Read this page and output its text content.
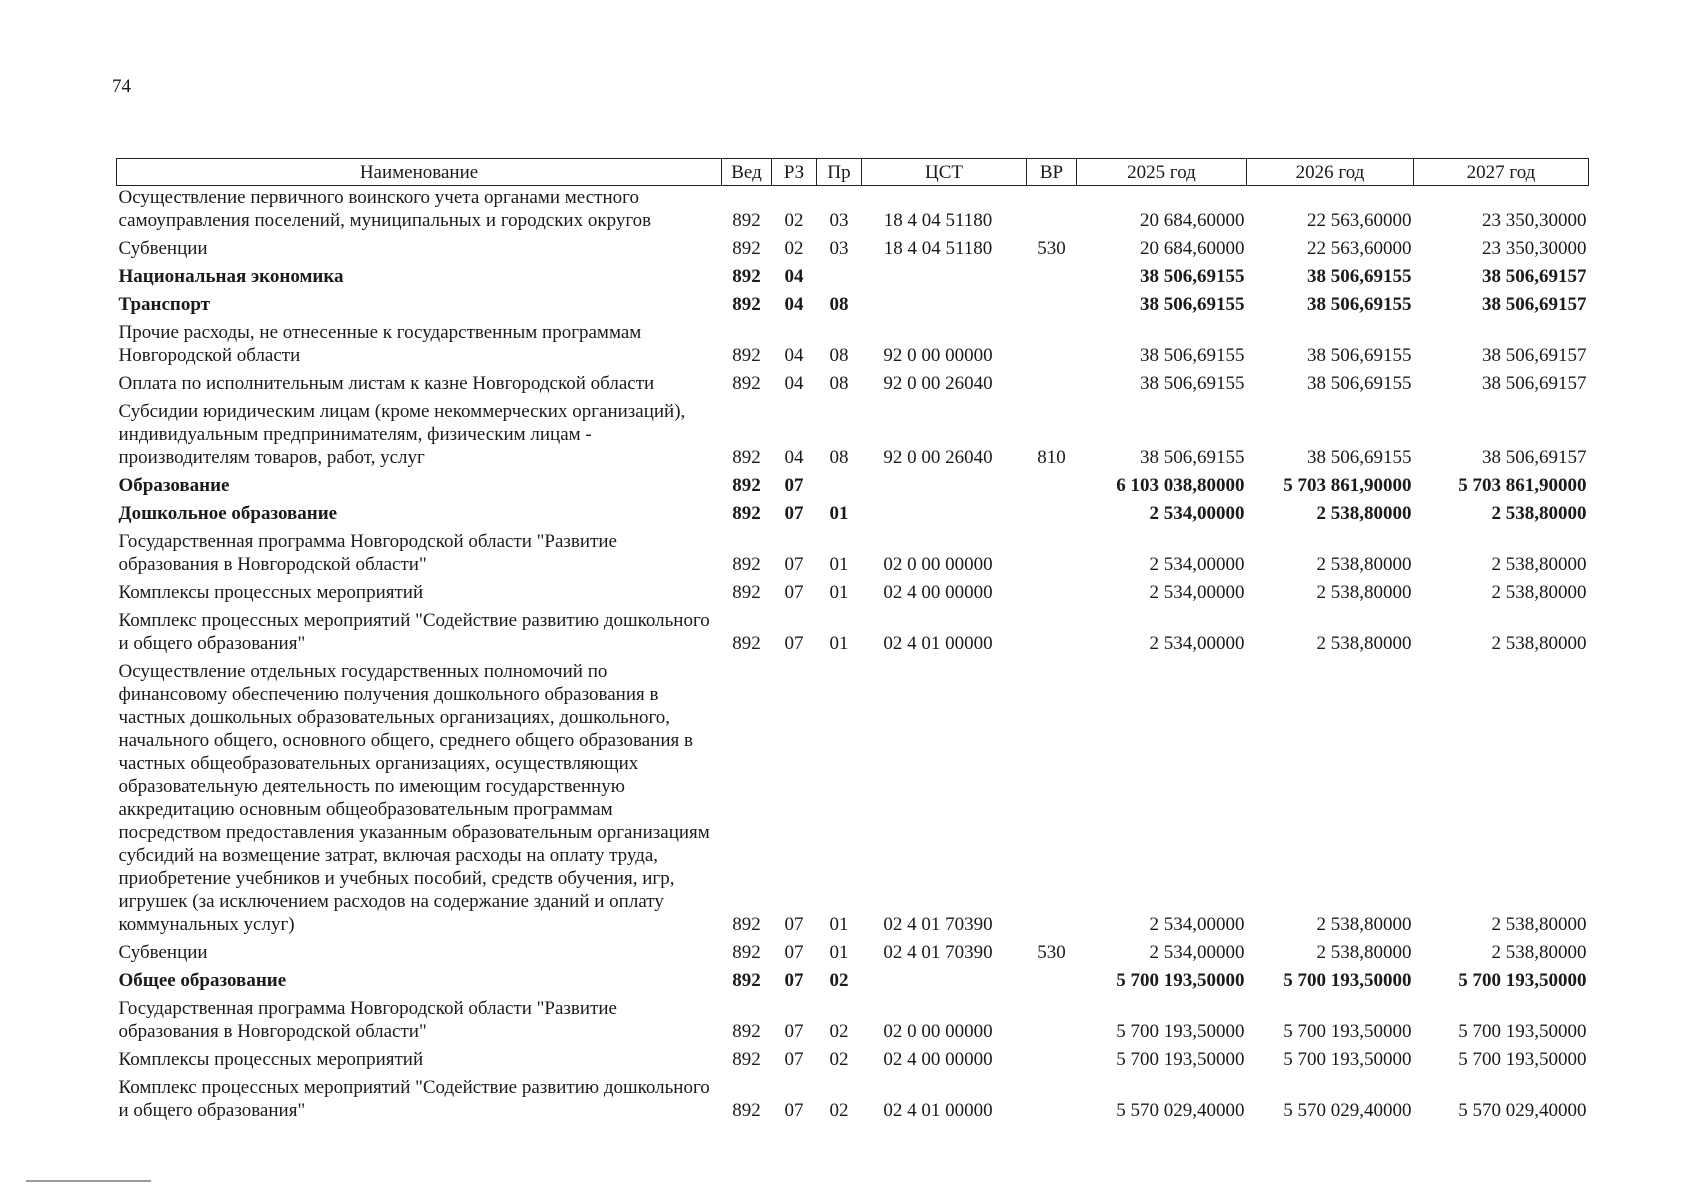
74
Наименование	Вед	РЗ	Пр	ЦСТ	ВР	2025 год	2026 год	2027 год
Осуществление первичного воинского учета органами местного самоуправления поселений, муниципальных и городских округов	892	02	03	18 4 04 51180		20 684,60000	22 563,60000	23 350,30000
Субвенции	892	02	03	18 4 04 51180	530	20 684,60000	22 563,60000	23 350,30000
Национальная экономика	892	04				38 506,69155	38 506,69155	38 506,69157
Транспорт	892	04	08			38 506,69155	38 506,69155	38 506,69157
Прочие расходы, не отнесенные к государственным программам Новгородской области	892	04	08	92 0 00 00000		38 506,69155	38 506,69155	38 506,69157
Оплата по исполнительным листам к казне Новгородской области	892	04	08	92 0 00 26040		38 506,69155	38 506,69155	38 506,69157
Субсидии юридическим лицам (кроме некоммерческих организаций), индивидуальным предпринимателям, физическим лицам - производителям товаров, работ, услуг	892	04	08	92 0 00 26040	810	38 506,69155	38 506,69155	38 506,69157
Образование	892	07				6 103 038,80000	5 703 861,90000	5 703 861,90000
Дошкольное образование	892	07	01			2 534,00000	2 538,80000	2 538,80000
Государственная программа Новгородской области "Развитие образования в Новгородской области"	892	07	01	02 0 00 00000		2 534,00000	2 538,80000	2 538,80000
Комплексы процессных мероприятий	892	07	01	02 4 00 00000		2 534,00000	2 538,80000	2 538,80000
Комплекс процессных мероприятий "Содействие развитию дошкольного и общего образования"	892	07	01	02 4 01 00000		2 534,00000	2 538,80000	2 538,80000
Осуществление отдельных государственных полномочий по финансовому обеспечению получения дошкольного образования в частных дошкольных образовательных организациях, дошкольного, начального общего, основного общего, среднего общего образования в частных общеобразовательных организациях, осуществляющих образовательную деятельность по имеющим государственную аккредитацию основным общеобразовательным программам посредством предоставления указанным образовательным организациям субсидий на возмещение затрат, включая расходы на оплату труда, приобретение учебников и учебных пособий, средств обучения, игр, игрушек (за исключением расходов на содержание зданий и оплату коммунальных услуг)	892	07	01	02 4 01 70390		2 534,00000	2 538,80000	2 538,80000
Субвенции	892	07	01	02 4 01 70390	530	2 534,00000	2 538,80000	2 538,80000
Общее образование	892	07	02			5 700 193,50000	5 700 193,50000	5 700 193,50000
Государственная программа Новгородской области "Развитие образования в Новгородской области"	892	07	02	02 0 00 00000		5 700 193,50000	5 700 193,50000	5 700 193,50000
Комплексы процессных мероприятий	892	07	02	02 4 00 00000		5 700 193,50000	5 700 193,50000	5 700 193,50000
Комплекс процессных мероприятий "Содействие развитию дошкольного и общего образования"	892	07	02	02 4 01 00000		5 570 029,40000	5 570 029,40000	5 570 029,40000
